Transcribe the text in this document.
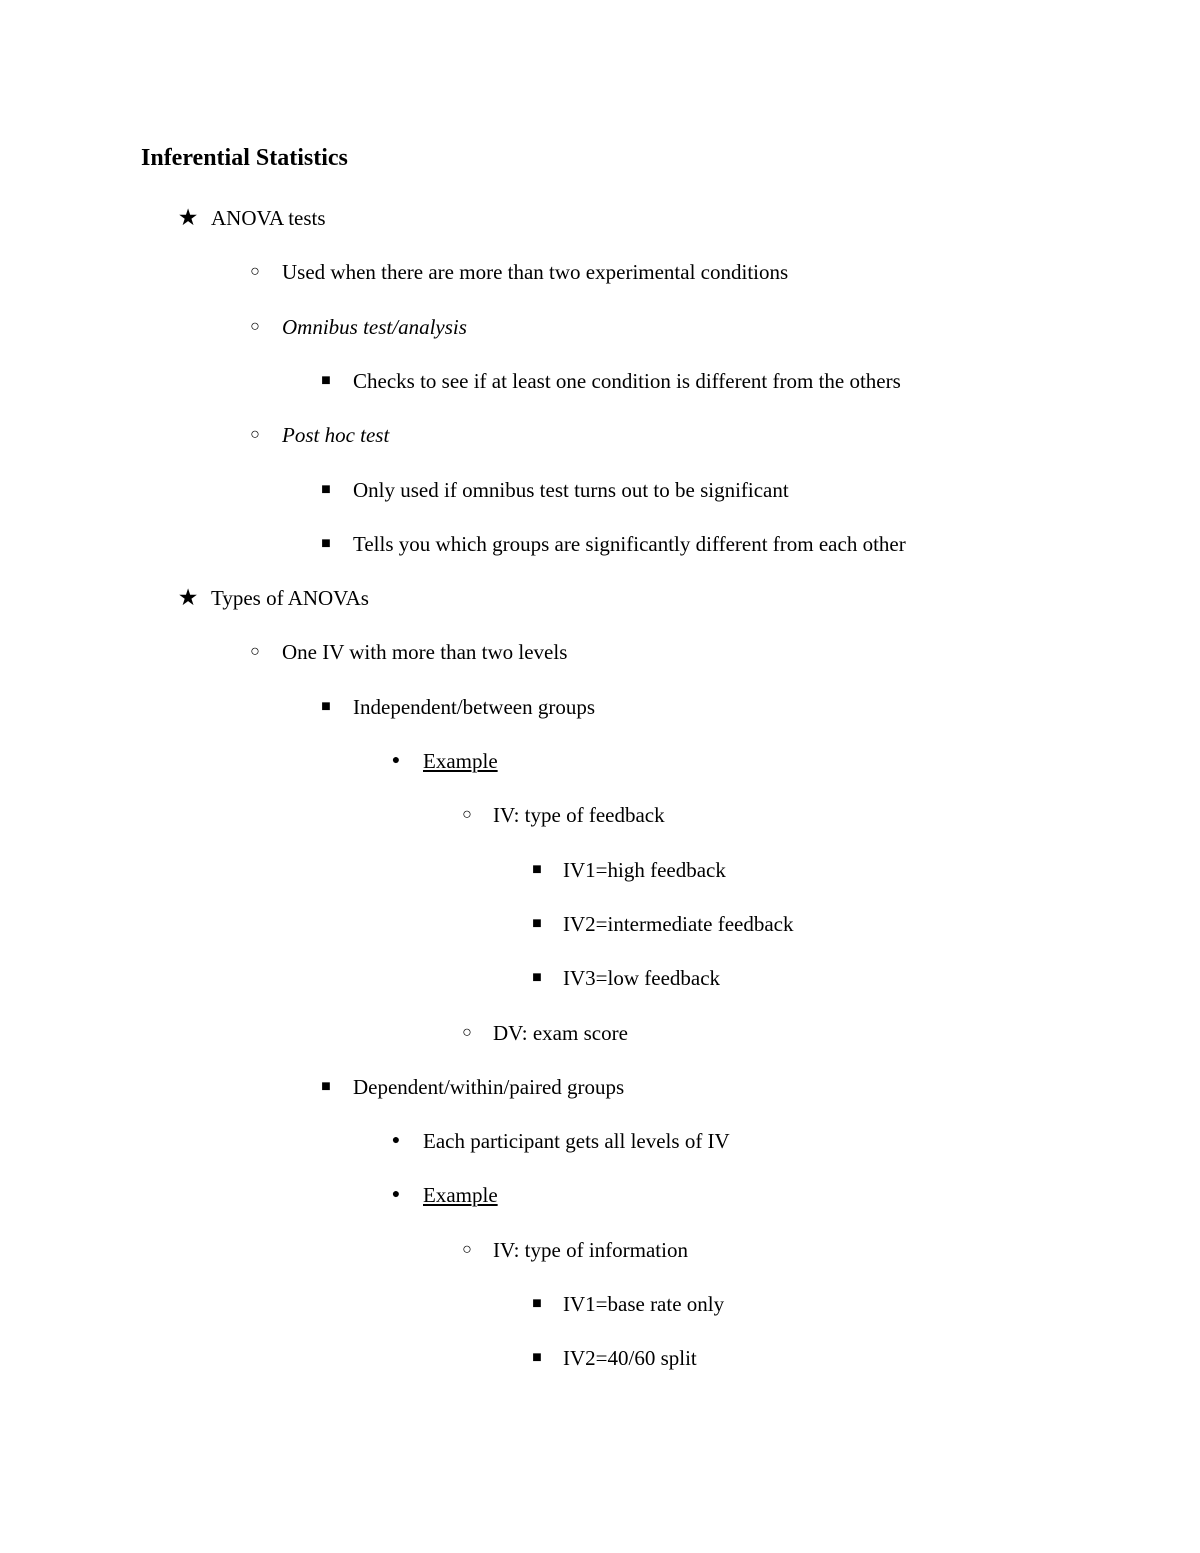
Inferential Statistics
★ ANOVA tests
○	Used when there are more than two experimental conditions
○	Omnibus test/analysis
■	Checks to see if at least one condition is different from the others
○	Post hoc test
■	Only used if omnibus test turns out to be significant
■	Tells you which groups are significantly different from each other
★ Types of ANOVAs
○	One IV with more than two levels
■	Independent/between groups
●	Example
○	IV: type of feedback
■	IV1=high feedback
■	IV2=intermediate feedback
■	IV3=low feedback
○	DV: exam score
■	Dependent/within/paired groups
●	Each participant gets all levels of IV
●	Example
○	IV: type of information
■	IV1=base rate only
■	IV2=40/60 split
